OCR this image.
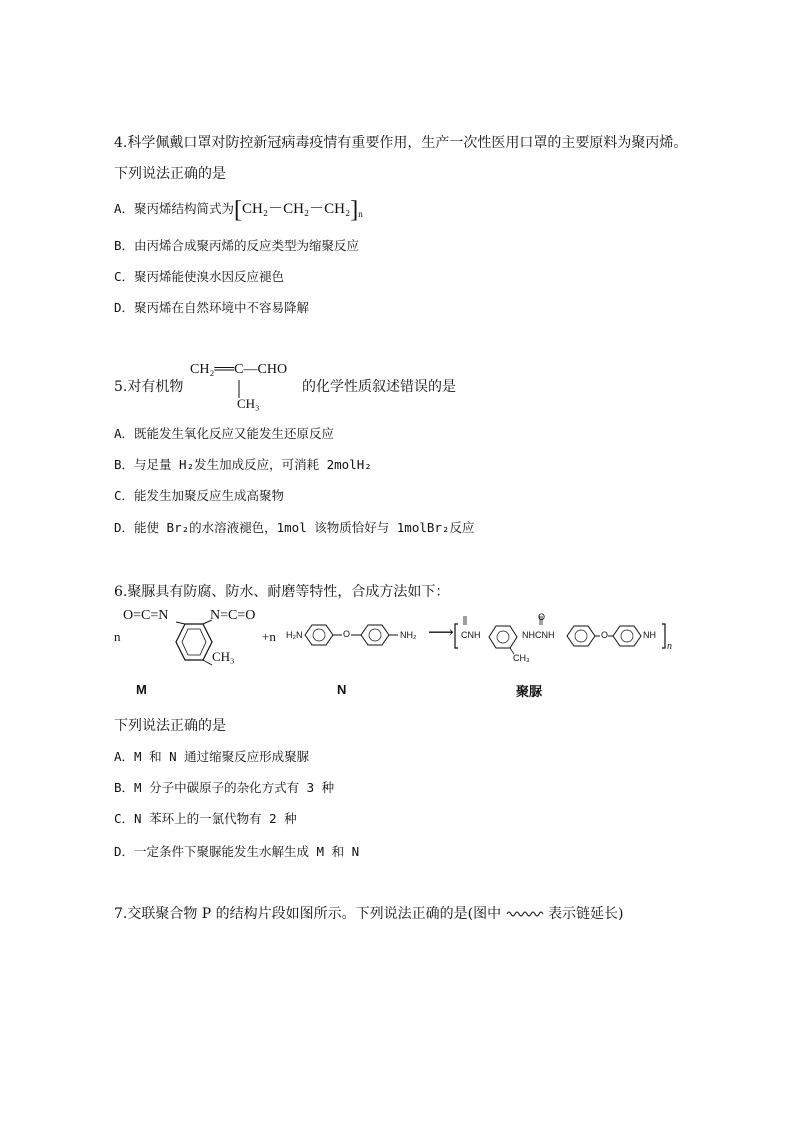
4.科学佩戴口罩对防控新冠病毒疫情有重要作用，生产一次性医用口罩的主要原料为聚丙烯。
下列说法正确的是
A．聚丙烯结构简式为$[CH_2-CH_2-CH_2]_n$
B．由丙烯合成聚丙烯的反应类型为缩聚反应
C．聚丙烯能使溴水因反应褪色
D．聚丙烯在自然环境中不容易降解
CH₂══C—CHO
CH₃
5.对有机物	的化学性质叙述错误的是
A．既能发生氧化反应又能发生还原反应
B．与足量 H₂发生加成反应，可消耗 2molH₂
C．能发生加聚反应生成高聚物
D．能使 Br₂的水溶液褪色，1mol 该物质恰好与 1molBr₂反应
6.聚脲具有防腐、防水、耐磨等特性，合成方法如下：
n
O=C=N	N=C=O
CH₃
+n H₂N	O	NH₂ ⟶ CNH	NHCNH
O
O	NH
CH₃
n
M	N	聚脲
下列说法正确的是
A．M 和 N 通过缩聚反应形成聚脲
B．M 分子中碳原子的杂化方式有 3 种
C．N 苯环上的一氯代物有 2 种
D．一定条件下聚脲能发生水解生成 M 和 N
7.交联聚合物 P 的结构片段如图所示。下列说法正确的是(图中	表示链延长)
